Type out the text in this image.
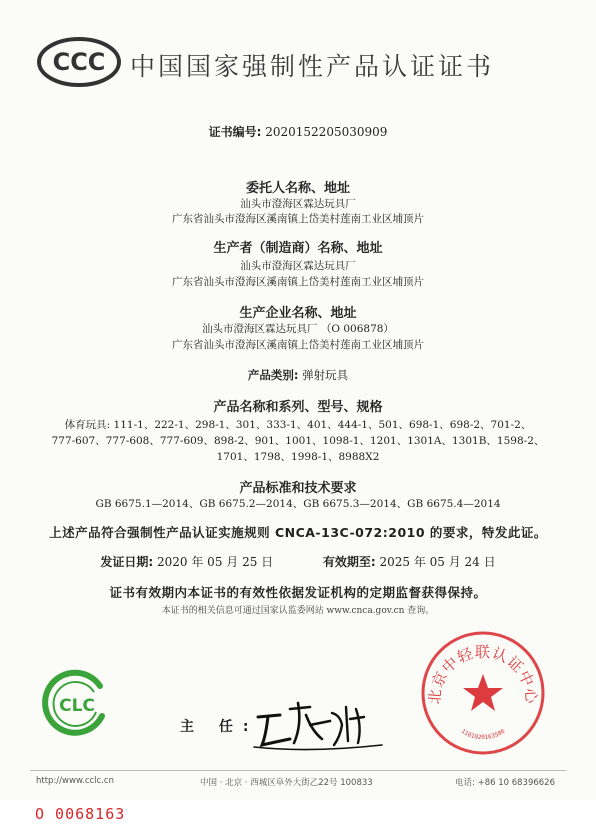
CCC 中国国家强制性产品认证证书
证书编号: 2020152205030909
委托人名称、地址
汕头市澄海区霖达玩具厂
广东省汕头市澄海区溪南镇上岱美村莲南工业区埔顶片
生产者（制造商）名称、地址
汕头市澄海区霖达玩具厂
广东省汕头市澄海区溪南镇上岱美村莲南工业区埔顶片
生产企业名称、地址
汕头市澄海区霖达玩具厂 （O 006878）
广东省汕头市澄海区溪南镇上岱美村莲南工业区埔顶片
产品类别: 弹射玩具
产品名称和系列、型号、规格
体育玩具: 111-1、222-1、298-1、301、333-1、401、444-1、501、698-1、698-2、701-2、
777-607、777-608、777-609、898-2、901、1001、1098-1、1201、1301A、1301B、1598-2、
1701、1798、1998-1、8988X2
产品标准和技术要求
GB 6675.1—2014、GB 6675.2—2014、GB 6675.3—2014、GB 6675.4—2014
上述产品符合强制性产品认证实施规则 CNCA-13C-072:2010 的要求，特发此证。
发证日期: 2020 年 05 月 25 日	有效期至: 2025 年 05 月 24 日
证书有效期内本证书的有效性依据发证机构的定期监督获得保持。
本证书的相关信息可通过国家认监委网站 www.cnca.gov.cn 查询。
CLC
主 任:
北京中轻联认证中心
1101020163586
http://www.cclc.cn	中国 · 北京 · 西城区阜外大街乙22号 100833	电话: +86 10 68396626
O 0068163
